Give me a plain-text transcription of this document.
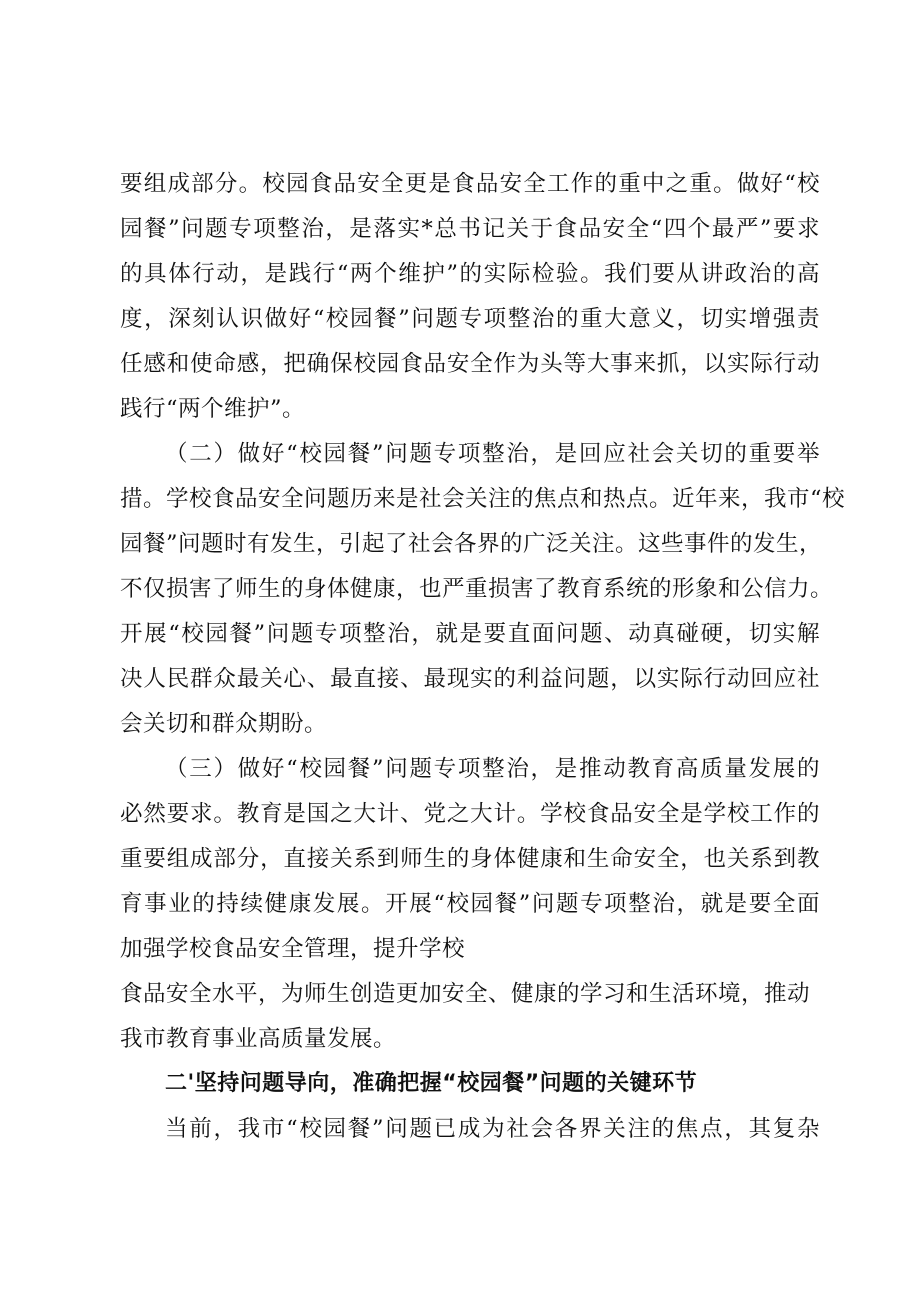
要组成部分。校园食品安全更是食品安全工作的重中之重。做好“校
园餐”问题专项整治，是落实*总书记关于食品安全“四个最严”要求
的具体行动，是践行“两个维护”的实际检验。我们要从讲政治的高
度，深刻认识做好“校园餐”问题专项整治的重大意义，切实增强责
任感和使命感，把确保校园食品安全作为头等大事来抓，以实际行动
践行“两个维护”。
（二）做好“校园餐”问题专项整治，是回应社会关切的重要举
措。学校食品安全问题历来是社会关注的焦点和热点。近年来，我市“校
园餐”问题时有发生，引起了社会各界的广泛关注。这些事件的发生，
不仅损害了师生的身体健康，也严重损害了教育系统的形象和公信力。
开展“校园餐”问题专项整治，就是要直面问题、动真碰硬，切实解
决人民群众最关心、最直接、最现实的利益问题，以实际行动回应社
会关切和群众期盼。
（三）做好“校园餐”问题专项整治，是推动教育高质量发展的
必然要求。教育是国之大计、党之大计。学校食品安全是学校工作的
重要组成部分，直接关系到师生的身体健康和生命安全，也关系到教
育事业的持续健康发展。开展“校园餐”问题专项整治，就是要全面
加强学校食品安全管理，提升学校
食品安全水平，为师生创造更加安全、健康的学习和生活环境，推动
我市教育事业高质量发展。
二'坚持问题导向，准确把握“校园餐”问题的关键环节
当前，我市“校园餐”问题已成为社会各界关注的焦点，其复杂
